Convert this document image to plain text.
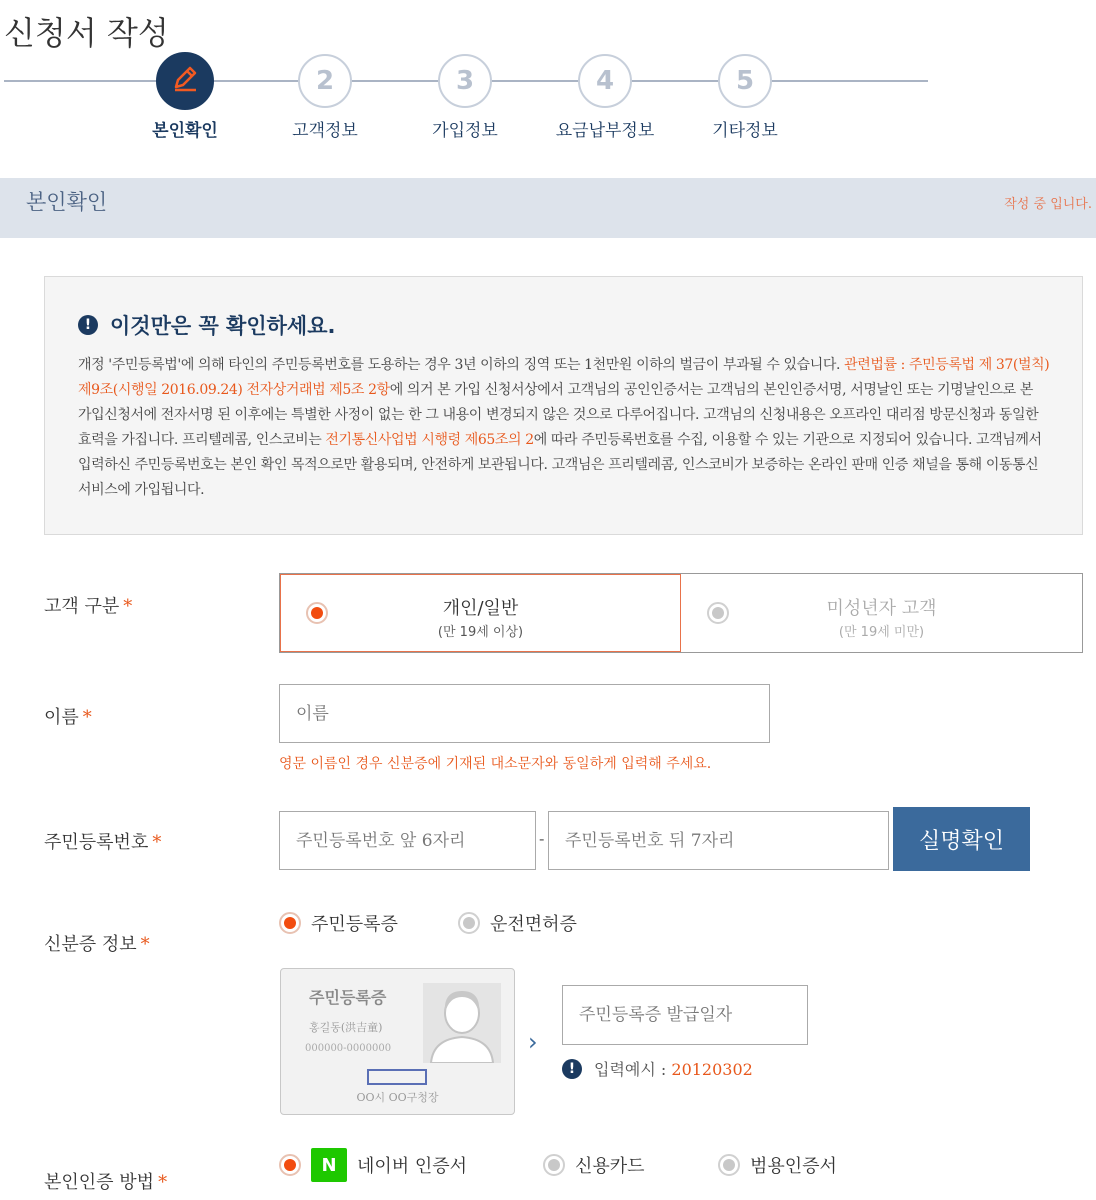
신청서 작성
본인확인
2
고객정보
3
가입정보
4
요금납부정보
5
기타정보
본인확인	작성 중 입니다.
! 이것만은 꼭 확인하세요.
개정 '주민등록법'에 의해 타인의 주민등록번호를 도용하는 경우 3년 이하의 징역 또는 1천만원 이하의 벌금이 부과될 수 있습니다. 관련법률 : 주민등록법 제 37(벌칙) 제9조(시행일 2016.09.24) 전자상거래법 제5조 2항에 의거 본 가입 신청서상에서 고객님의 공인인증서는 고객님의 본인인증서명, 서명날인 또는 기명날인으로 본 가입신청서에 전자서명 된 이후에는 특별한 사정이 없는 한 그 내용이 변경되지 않은 것으로 다루어집니다. 고객님의 신청내용은 오프라인 대리점 방문신청과 동일한 효력을 가집니다. 프리텔레콤, 인스코비는 전기통신사업법 시행령 제65조의 2에 따라 주민등록번호를 수집, 이용할 수 있는 기관으로 지정되어 있습니다. 고객님께서 입력하신 주민등록번호는 본인 확인 목적으로만 활용되며, 안전하게 보관됩니다. 고객님은 프리텔레콤, 인스코비가 보증하는 온라인 판매 인증 채널을 통해 이동통신 서비스에 가입됩니다.
고객 구분 *	개인/일반
(만 19세 이상)
미성년자 고객
(만 19세 미만)
이름 *
이름
영문 이름인 경우 신분증에 기재된 대소문자와 동일하게 입력해 주세요.
주민등록번호 *
주민등록번호 앞 6자리	-
주민등록번호 뒤 7자리	실명확인
신분증 정보 *
주민등록증	운전면허증
주민등록증
홍길동(洪吉童)
000000-0000000
OO시 OO구청장
›
주민등록증 발급일자
!	입력예시 : 20120302
본인인증 방법 *
N	네이버 인증서	신용카드	범용인증서
